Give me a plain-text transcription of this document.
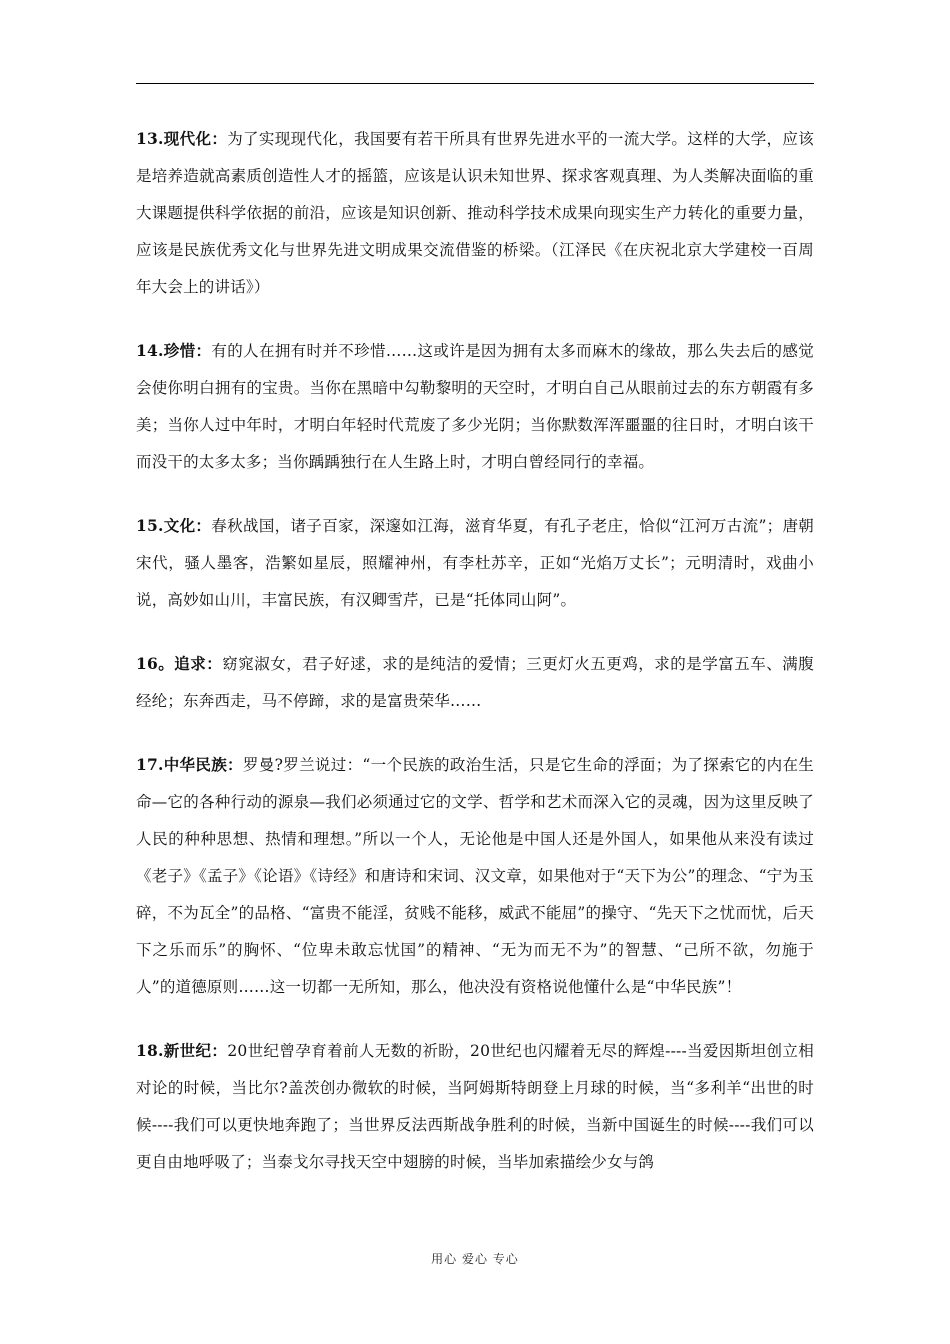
13.现代化：为了实现现代化，我国要有若干所具有世界先进水平的一流大学。这样的大学，应该是培养造就高素质创造性人才的摇篮，应该是认识未知世界、探求客观真理、为人类解决面临的重大课题提供科学依据的前沿，应该是知识创新、推动科学技术成果向现实生产力转化的重要力量，应该是民族优秀文化与世界先进文明成果交流借鉴的桥梁。（江泽民《在庆祝北京大学建校一百周年大会上的讲话》）

14.珍惜：有的人在拥有时并不珍惜……这或许是因为拥有太多而麻木的缘故，那么失去后的感觉会使你明白拥有的宝贵。当你在黑暗中勾勒黎明的天空时，才明白自己从眼前过去的东方朝霞有多美；当你人过中年时，才明白年轻时代荒废了多少光阴；当你默数浑浑噩噩的往日时，才明白该干而没干的太多太多；当你踽踽独行在人生路上时，才明白曾经同行的幸福。

15.文化：春秋战国，诸子百家，深邃如江海，滋育华夏，有孔子老庄，恰似“江河万古流”；唐朝宋代，骚人墨客，浩繁如星辰，照耀神州，有李杜苏辛，正如“光焰万丈长”；元明清时，戏曲小说，高妙如山川，丰富民族，有汉卿雪芹，已是“托体同山阿”。

16。追求：窈窕淑女，君子好逑，求的是纯洁的爱情；三更灯火五更鸡，求的是学富五车、满腹经纶；东奔西走，马不停蹄，求的是富贵荣华……

17.中华民族：罗曼?罗兰说过：“一个民族的政治生活，只是它生命的浮面；为了探索它的内在生命—它的各种行动的源泉—我们必须通过它的文学、哲学和艺术而深入它的灵魂，因为这里反映了人民的种种思想、热情和理想。”所以一个人，无论他是中国人还是外国人，如果他从来没有读过《老子》《孟子》《论语》《诗经》和唐诗和宋词、汉文章，如果他对于“天下为公”的理念、“宁为玉碎，不为瓦全”的品格、“富贵不能淫，贫贱不能移，威武不能屈”的操守、“先天下之忧而忧，后天下之乐而乐”的胸怀、“位卑未敢忘忧国”的精神、“无为而无不为”的智慧、“己所不欲，勿施于人”的道德原则……这一切都一无所知，那么，他决没有资格说他懂什么是“中华民族”！

18.新世纪：20世纪曾孕育着前人无数的祈盼，20世纪也闪耀着无尽的辉煌----当爱因斯坦创立相对论的时候，当比尔?盖茨创办微软的时候，当阿姆斯特朗登上月球的时候，当“多利羊“出世的时候----我们可以更快地奔跑了；当世界反法西斯战争胜利的时候，当新中国诞生的时候----我们可以更自由地呼吸了；当泰戈尔寻找天空中翅膀的时候，当毕加索描绘少女与鸽

用心 爱心 专心
